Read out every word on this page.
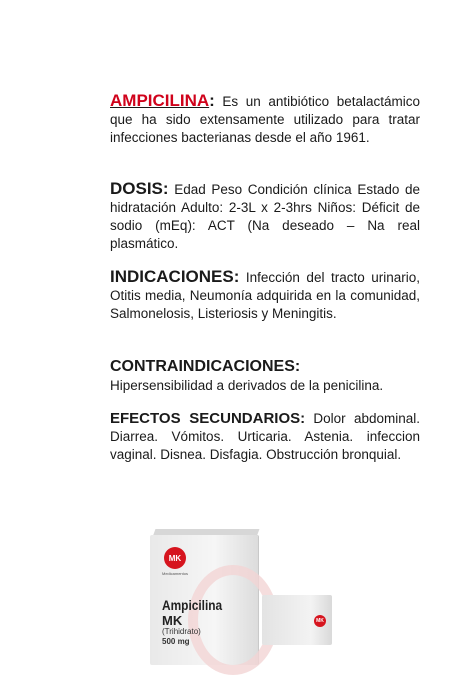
AMPICILINA: Es un antibiótico betalactámico que ha sido extensamente utilizado para tratar infecciones bacterianas desde el año 1961.
DOSIS: Edad Peso Condición clínica Estado de hidratación Adulto: 2-3L x 2-3hrs Niños: Déficit de sodio (mEq): ACT (Na deseado – Na real plasmático.
INDICACIONES: Infección del tracto urinario, Otitis media, Neumonía adquirida en la comunidad, Salmonelosis, Listeriosis y Meningitis.
CONTRAINDICACIONES:
Hipersensibilidad a derivados de la penicilina.
EFECTOS SECUNDARIOS: Dolor abdominal. Diarrea. Vómitos. Urticaria. Astenia. infeccion vaginal. Disnea. Disfagia. Obstrucción bronquial.
MK
Medicamentos
Ampicilina
MK
(Trihidrato)
500 mg
MK
